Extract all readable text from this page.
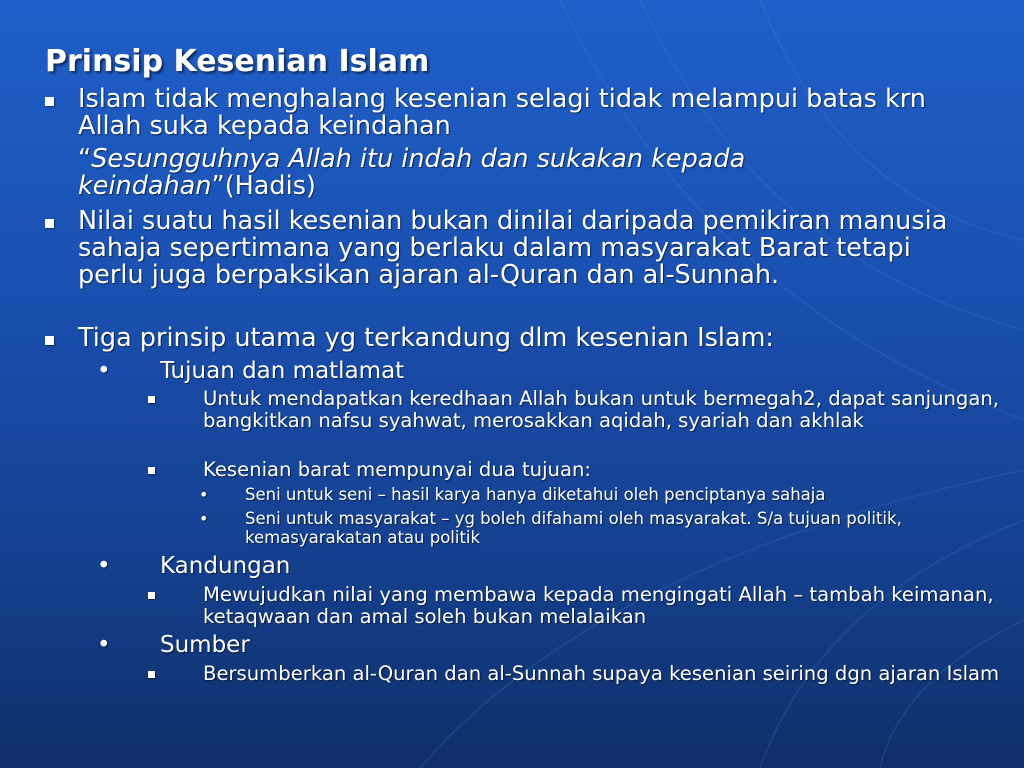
Prinsip Kesenian Islam
Islam tidak menghalang kesenian selagi tidak melampui batas krn Allah suka kepada keindahan
“Sesungguhnya Allah itu indah dan sukakan kepada keindahan”(Hadis)
Nilai suatu hasil kesenian bukan dinilai daripada pemikiran manusia sahaja sepertimana yang berlaku dalam masyarakat Barat tetapi perlu juga berpaksikan ajaran al-Quran dan al-Sunnah.
Tiga prinsip utama yg terkandung dlm kesenian Islam:
• Tujuan dan matlamat
Untuk mendapatkan keredhaan Allah bukan untuk bermegah2, dapat sanjungan, bangkitkan nafsu syahwat, merosakkan aqidah, syariah dan akhlak
Kesenian barat mempunyai dua tujuan:
• Seni untuk seni – hasil karya hanya diketahui oleh penciptanya sahaja
• Seni untuk masyarakat – yg boleh difahami oleh masyarakat. S/a tujuan politik, kemasyarakatan atau politik
• Kandungan
Mewujudkan nilai yang membawa kepada mengingati Allah – tambah keimanan, ketaqwaan dan amal soleh bukan melalaikan
• Sumber
Bersumberkan al-Quran dan al-Sunnah supaya kesenian seiring dgn ajaran Islam
